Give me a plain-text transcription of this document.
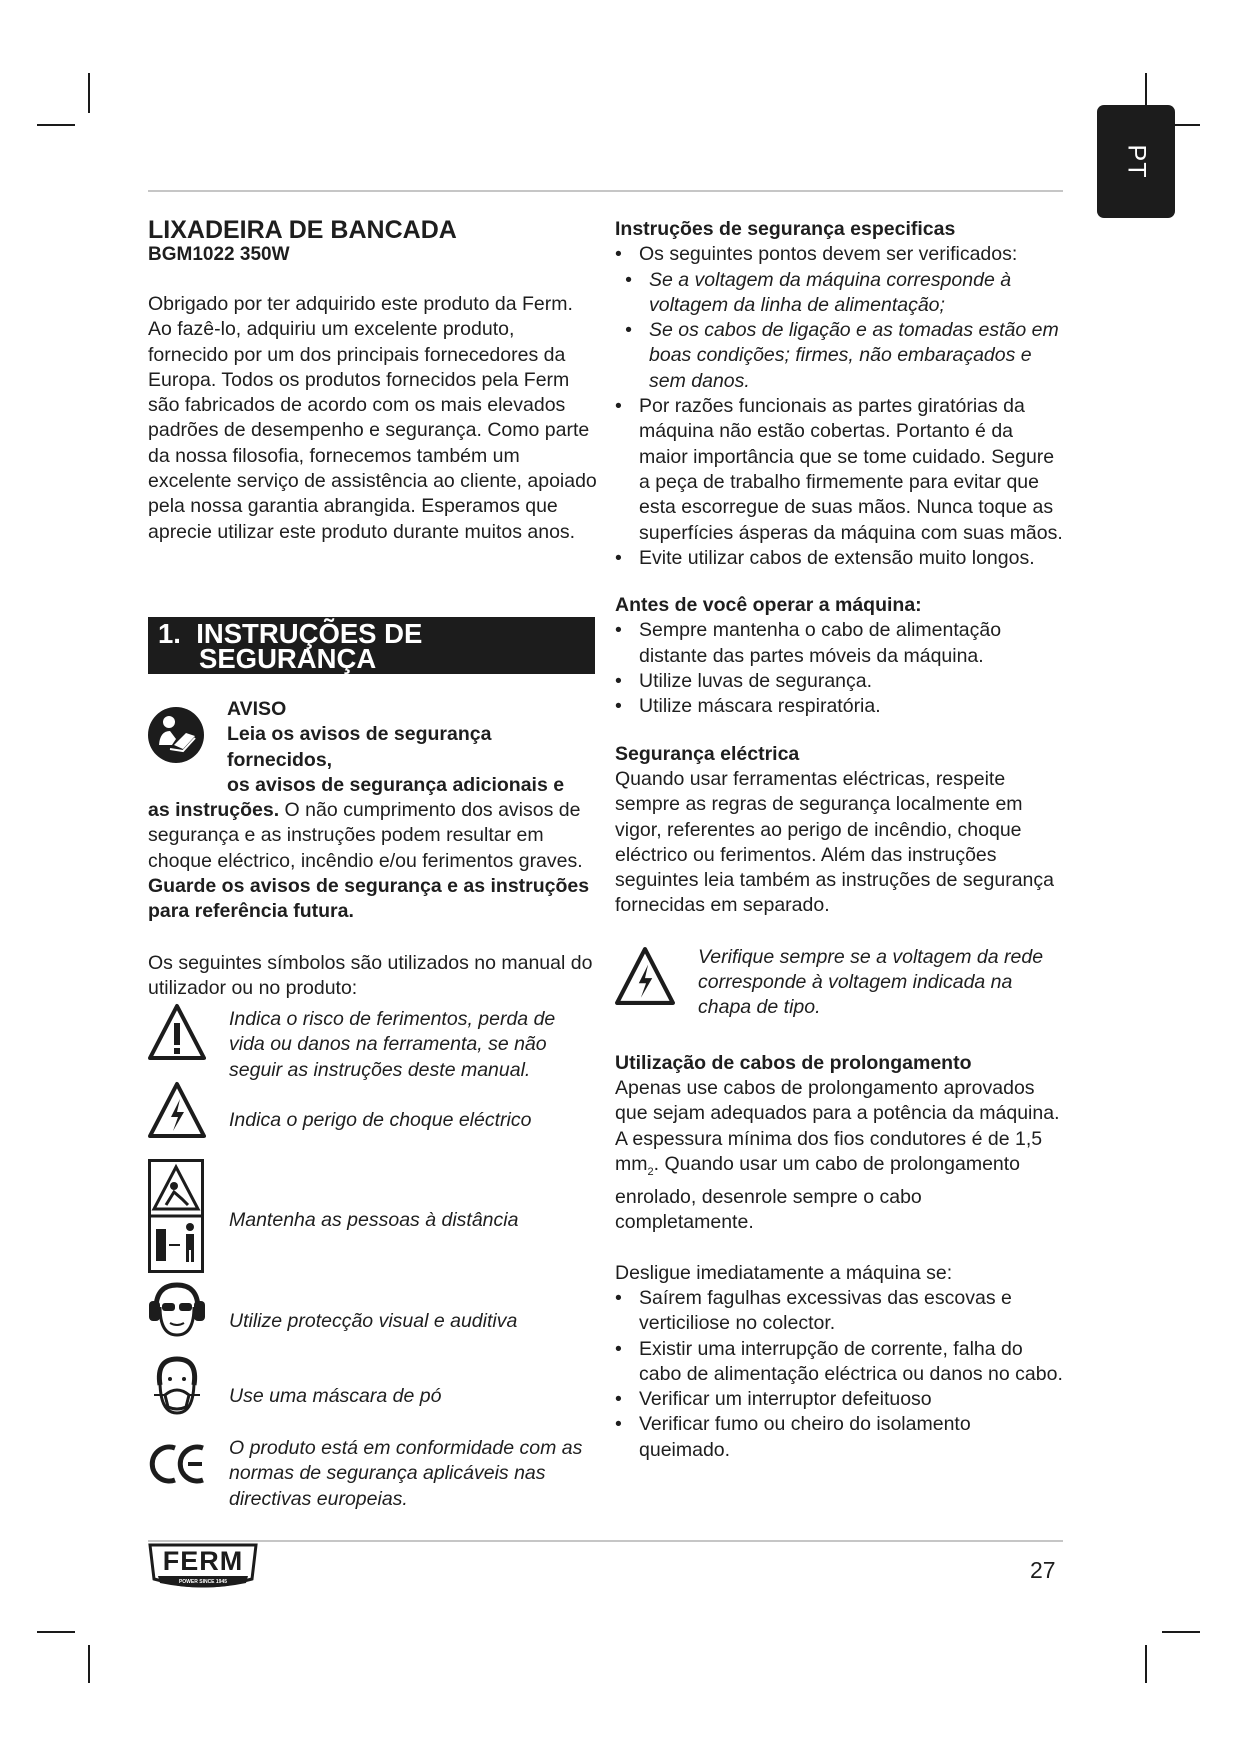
PT
LIXADEIRA DE BANCADA
BGM1022 350W

Obrigado por ter adquirido este produto da Ferm. Ao fazê-lo, adquiriu um excelente produto, fornecido por um dos principais fornecedores da Europa. Todos os produtos fornecidos pela Ferm são fabricados de acordo com os mais elevados padrões de desempenho e segurança. Como parte da nossa filosofia, fornecemos também um excelente serviço de assistência ao cliente, apoiado pela nossa garantia abrangida. Esperamos que aprecie utilizar este produto durante muitos anos.

1. INSTRUÇÕES DE
SEGURANÇA
AVISO
Leia os avisos de segurança fornecidos,
os avisos de segurança adicionais e

as instruções. O não cumprimento dos avisos de segurança e as instruções podem resultar em choque eléctrico, incêndio e/ou ferimentos graves.

Guarde os avisos de segurança e as instruções para referência futura.

Os seguintes símbolos são utilizados no manual do utilizador ou no produto:

Indica o risco de ferimentos, perda de vida ou danos na ferramenta, se não seguir as instruções deste manual.
Indica o perigo de choque eléctrico
Mantenha as pessoas à distância
Utilize protecção visual e auditiva
Use uma máscara de pó
O produto está em conformidade com as normas de segurança aplicáveis nas directivas europeias.
Instruções de segurança especificas
• Os seguintes pontos devem ser verificados:
• Se a voltagem da máquina corresponde à voltagem da linha de alimentação;
• Se os cabos de ligação e as tomadas estão em boas condições; firmes, não embaraçados e sem danos.
• Por razões funcionais as partes giratórias da máquina não estão cobertas. Portanto é da maior importância que se tome cuidado. Segure a peça de trabalho firmemente para evitar que esta escorregue de suas mãos. Nunca toque as superfícies ásperas da máquina com suas mãos.
• Evite utilizar cabos de extensão muito longos.
Antes de você operar a máquina:
• Sempre mantenha o cabo de alimentação distante das partes móveis da máquina.
• Utilize luvas de segurança.
• Utilize máscara respiratória.
Segurança eléctrica

Quando usar ferramentas eléctricas, respeite sempre as regras de segurança localmente em vigor, referentes ao perigo de incêndio, choque eléctrico ou ferimentos. Além das instruções seguintes leia também as instruções de segurança fornecidas em separado.

Verifique sempre se a voltagem da rede corresponde à voltagem indicada na chapa de tipo.
Utilização de cabos de prolongamento

Apenas use cabos de prolongamento aprovados que sejam adequados para a potência da máquina. A espessura mínima dos fios condutores é de 1,5 $mm_2$. Quando usar um cabo de prolongamento enrolado, desenrole sempre o cabo completamente.

Desligue imediatamente a máquina se:

• Saírem fagulhas excessivas das escovas e verticiliose no colector.
• Existir uma interrupção de corrente, falha do cabo de alimentação eléctrica ou danos no cabo.
• Verificar um interruptor defeituoso
• Verificar fumo ou cheiro do isolamento queimado.
FERM
POWER SINCE 1945	27
